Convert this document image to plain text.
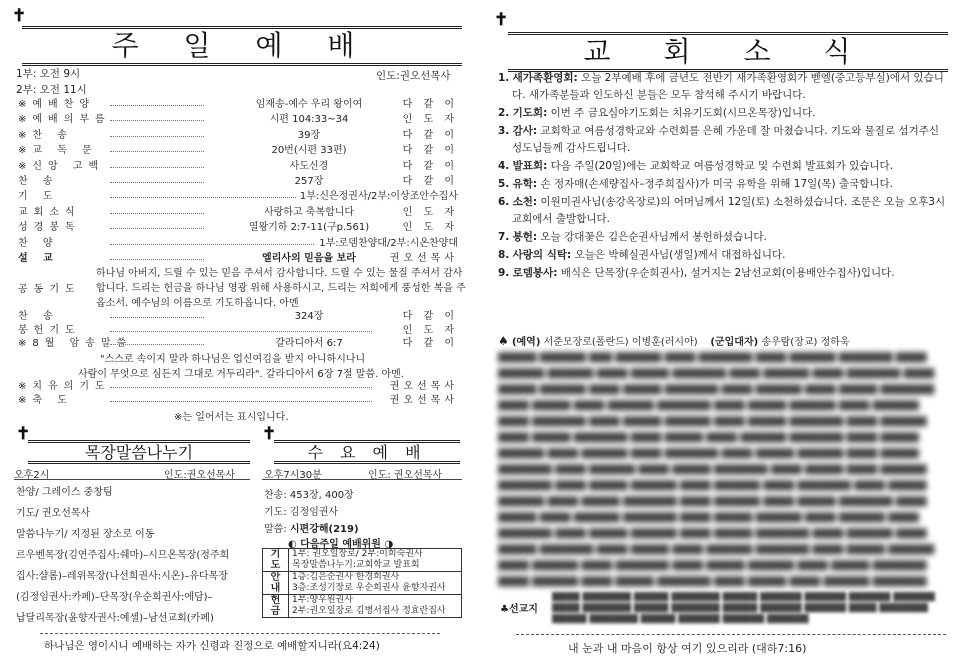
✝
주 일 예 배
1부: 오전 9시
2부: 오전 11시
인도:권오선목사
※예배찬양	임재송-예수 우리 왕이여	다 같 이
※예배의부름	시편 104:33~34	인 도 자
※찬 송	39장	다 같 이
※교 독 문	20번(시편 33편)	다 같 이
※신앙 고백	사도신경	다 같 이
찬 송	257장	다 같 이
기 도	1부:신은정권사/2부:이상조안수집사
교회소식	사랑하고 축복합니다	인 도 자
성경봉독	열왕기하 2:7-11(구p.561)	인 도 자
찬 양	1부:로뎀찬양대/2부:시온찬양대
설 교	엘리사의 믿음을 보라	권오선목사
공동기도
하나님 아버지, 드릴 수 있는 믿음 주셔서 감사합니다. 드릴 수 있는 물질 주셔서 감사합니다. 드리는 헌금을 하나님 영광 위해 사용하시고, 드리는 저희에게 풍성한 복을 주옵소서. 예수님의 이름으로 기도하옵니다. 아멘
찬 송	324장	다 같 이
봉헌기도	인 도 자
※8월 암송말씀	갈라디아서 6:7	다 같 이
"스스로 속이지 말라 하나님은 업신여김을 받지 아니하시나니
사람이 무엇으로 심든지 그대로 거두리라". 갈라디아서 6장 7절 말씀. 아멘.
※치유의기도	권오선목사
※축 도	권오선목사
※는 일어서는 표시입니다.
✝
목장말씀나누기
오후2시	인도:권오선목사
찬양/ 그레이스 중창팀
기도/ 권오선목사
말씀나누기/ 지정된 장소로 이동
르우벤목장(김연주집사:쉐마)–시므온목장(정주희
집사:샬롬)–레위목장(나선희권사:시온)–유다목장
(김정임권사:카페)–단목장(우순희권사:에담)–
납달리목장(윤향자권사:예셀)–남선교회(카페)
✝
수 요 예 배
오후7시30분	인도: 권오선목사
찬송: 453장, 400장
기도: 김정임권사
말씀: 시편강해(219)
◐ 다음주일 예배위원 ◑
기도	1부: 권오일장로/ 2부:이희숙권사
목장말씀나누기:교회학교 발표회

안내	1층:김은순권사 한경희권사
3층:조성기장로 우순희권사 윤향자권사

헌금	1부:양우원권사
2부:권오일장로 김병서집사 정효란집사
하나님은 영이시니 예배하는 자가 신령과 진정으로 예배할지니라(요4:24)
✝
교 회 소 식
1. 새가족환영회: 오늘 2부예배 후에 금년도 전반기 새가족환영회가 벧엘(중고등부실)에서 있습니다. 새가족분들과 인도하신 분들은 모두 참석해 주시기 바랍니다.
2. 기도회: 이번 주 금요심야기도회는 치유기도회(시므온목장)입니다.
3. 감사: 교회학교 여름성경학교와 수련회를 은혜 가운데 잘 마쳤습니다. 기도와 물질로 섬겨주신 성도님들께 감사드립니다.
4. 발표회: 다음 주일(20일)에는 교회학교 여름성경학교 및 수련회 발표회가 있습니다.
5. 유학: 손 정자매(손세량집사–정주희집사)가 미국 유학을 위해 17일(목) 출국합니다.
6. 소천: 이원미권사님(송강옥장로)의 어머님께서 12일(토) 소천하셨습니다. 조문은 오늘 오후3시 교회에서 출발합니다.
7. 봉헌: 오늘 강대꽃은 김은순권사님께서 봉헌하셨습니다.
8. 사랑의 식탁: 오늘은 박혜실권사님(생일)께서 대접하십니다.
9. 로뎀봉사: 배식은 단목장(우순희권사), 설거지는 2남선교회(이용배안수집사)입니다.
♠ (예역) 서준모장로(폴란드) 이병훈(러시아) (군입대자) 송우람(장교) 정하욱
▇▇▇▇▇ ▇▇▇▇▇▇ ▇▇▇ ▇▇▇▇▇▇ ▇▇▇▇ ▇▇▇▇▇▇▇ ▇▇▇▇ ▇▇▇▇▇▇ ▇▇▇▇▇▇▇ ▇▇▇▇ ▇▇▇▇▇▇ ▇▇▇▇▇▇ ▇▇▇▇ ▇▇▇▇▇ ▇▇▇▇▇▇▇ ▇▇▇▇ ▇▇▇▇▇▇ ▇▇▇▇ ▇▇▇▇▇▇▇ ▇▇▇▇ ▇▇▇▇▇ ▇▇▇▇▇▇ ▇▇▇▇ ▇▇▇▇▇ ▇▇▇▇▇▇▇ ▇▇▇▇ ▇▇▇▇▇▇ ▇▇▇▇ ▇▇▇▇▇ ▇▇▇▇▇▇▇ ▇▇▇▇ ▇▇▇▇▇ ▇▇▇▇ ▇▇▇▇▇▇ ▇▇▇▇▇▇▇ ▇▇▇▇ ▇▇▇▇▇ ▇▇▇▇▇▇ ▇▇▇▇ ▇▇▇▇▇▇ ▇▇▇▇ ▇▇▇▇▇▇▇ ▇▇▇▇ ▇▇▇▇▇ ▇▇▇▇▇▇ ▇▇▇▇ ▇▇▇▇▇ ▇▇▇▇▇▇▇ ▇▇▇▇ ▇▇▇▇▇▇ ▇▇▇▇ ▇▇▇▇▇ ▇▇▇▇▇▇▇ ▇▇▇▇ ▇▇▇▇▇ ▇▇▇▇ ▇▇▇▇▇▇ ▇▇▇▇▇▇▇ ▇▇▇▇ ▇▇▇▇▇ ▇▇▇▇▇▇ ▇▇▇▇ ▇▇▇▇▇▇ ▇▇▇▇ ▇▇▇▇▇▇▇ ▇▇▇▇ ▇▇▇▇▇ ▇▇▇▇▇▇ ▇▇▇▇ ▇▇▇▇▇ ▇▇▇▇▇▇▇ ▇▇▇▇ ▇▇▇▇▇▇ ▇▇▇▇ ▇▇▇▇▇ ▇▇▇▇▇▇▇ ▇▇▇▇ ▇▇▇▇▇ ▇▇▇▇ ▇▇▇▇▇▇ ▇▇▇▇▇▇▇ ▇▇▇▇ ▇▇▇▇▇ ▇▇▇▇▇▇ ▇▇▇▇ ▇▇▇▇▇▇ ▇▇▇▇ ▇▇▇▇▇▇▇ ▇▇▇▇ ▇▇▇▇▇ ▇▇▇▇▇▇ ▇▇▇▇ ▇▇▇▇▇ ▇▇▇▇▇▇▇ ▇▇▇▇ ▇▇▇▇▇▇ ▇▇▇▇ ▇▇▇▇▇ ▇▇▇▇▇▇▇ ▇▇▇▇ ▇▇▇▇▇ ▇▇▇▇ ▇▇▇▇▇▇ ▇▇▇▇▇▇▇ ▇▇▇▇ ▇▇▇▇▇ ▇▇▇▇▇▇ ▇▇▇▇ ▇▇▇▇▇▇ ▇▇▇▇ ▇▇▇▇▇▇▇ ▇▇▇▇ ▇▇▇▇▇ ▇▇▇▇▇▇ ▇▇▇▇ ▇▇▇▇▇ ▇▇▇▇▇▇▇ ▇▇▇▇ ▇▇▇▇▇▇ ▇▇▇▇ ▇▇▇▇▇ ▇▇▇▇▇▇▇ ▇▇▇▇ ▇▇▇▇▇ ▇▇▇▇ ▇▇▇▇▇▇ ▇▇▇▇▇▇▇ ▇▇▇▇ ▇▇▇▇▇ ▇▇▇▇▇▇ ▇▇▇▇ ▇▇▇▇▇▇ ▇▇▇▇ ▇▇▇▇▇▇▇ ▇▇▇▇ ▇▇▇▇▇ ▇▇▇▇▇▇ ▇▇▇▇ ▇▇▇▇▇ ▇▇▇▇▇▇▇ ▇▇▇▇ ▇▇▇▇▇▇ ▇▇▇▇ ▇▇▇▇▇ ▇▇▇▇▇▇▇ ▇▇▇▇ ▇▇▇▇▇ ▇▇▇▇ ▇▇▇▇▇▇ ▇▇▇▇▇▇▇
♣선교지
▇▇▇▇ ▇▇▇▇▇▇▇ ▇▇▇▇▇ ▇▇▇▇▇▇▇ ▇▇▇▇▇ ▇▇▇▇▇▇ ▇▇▇▇▇▇ ▇▇▇▇▇▇ ▇▇▇▇▇▇ ▇▇▇▇ ▇▇▇▇▇▇▇ ▇▇▇▇▇ ▇▇▇▇▇▇▇ ▇▇▇▇▇ ▇▇▇▇▇▇ ▇▇▇▇▇▇ ▇▇▇▇ ▇▇▇▇▇▇▇ ▇▇▇▇▇ ▇▇▇▇▇▇▇ ▇▇▇▇▇ ▇▇▇▇▇▇ ▇▇▇▇▇▇ ▇▇▇▇▇▇
내 눈과 내 마음이 항상 여기 있으리라 (대하7:16)
